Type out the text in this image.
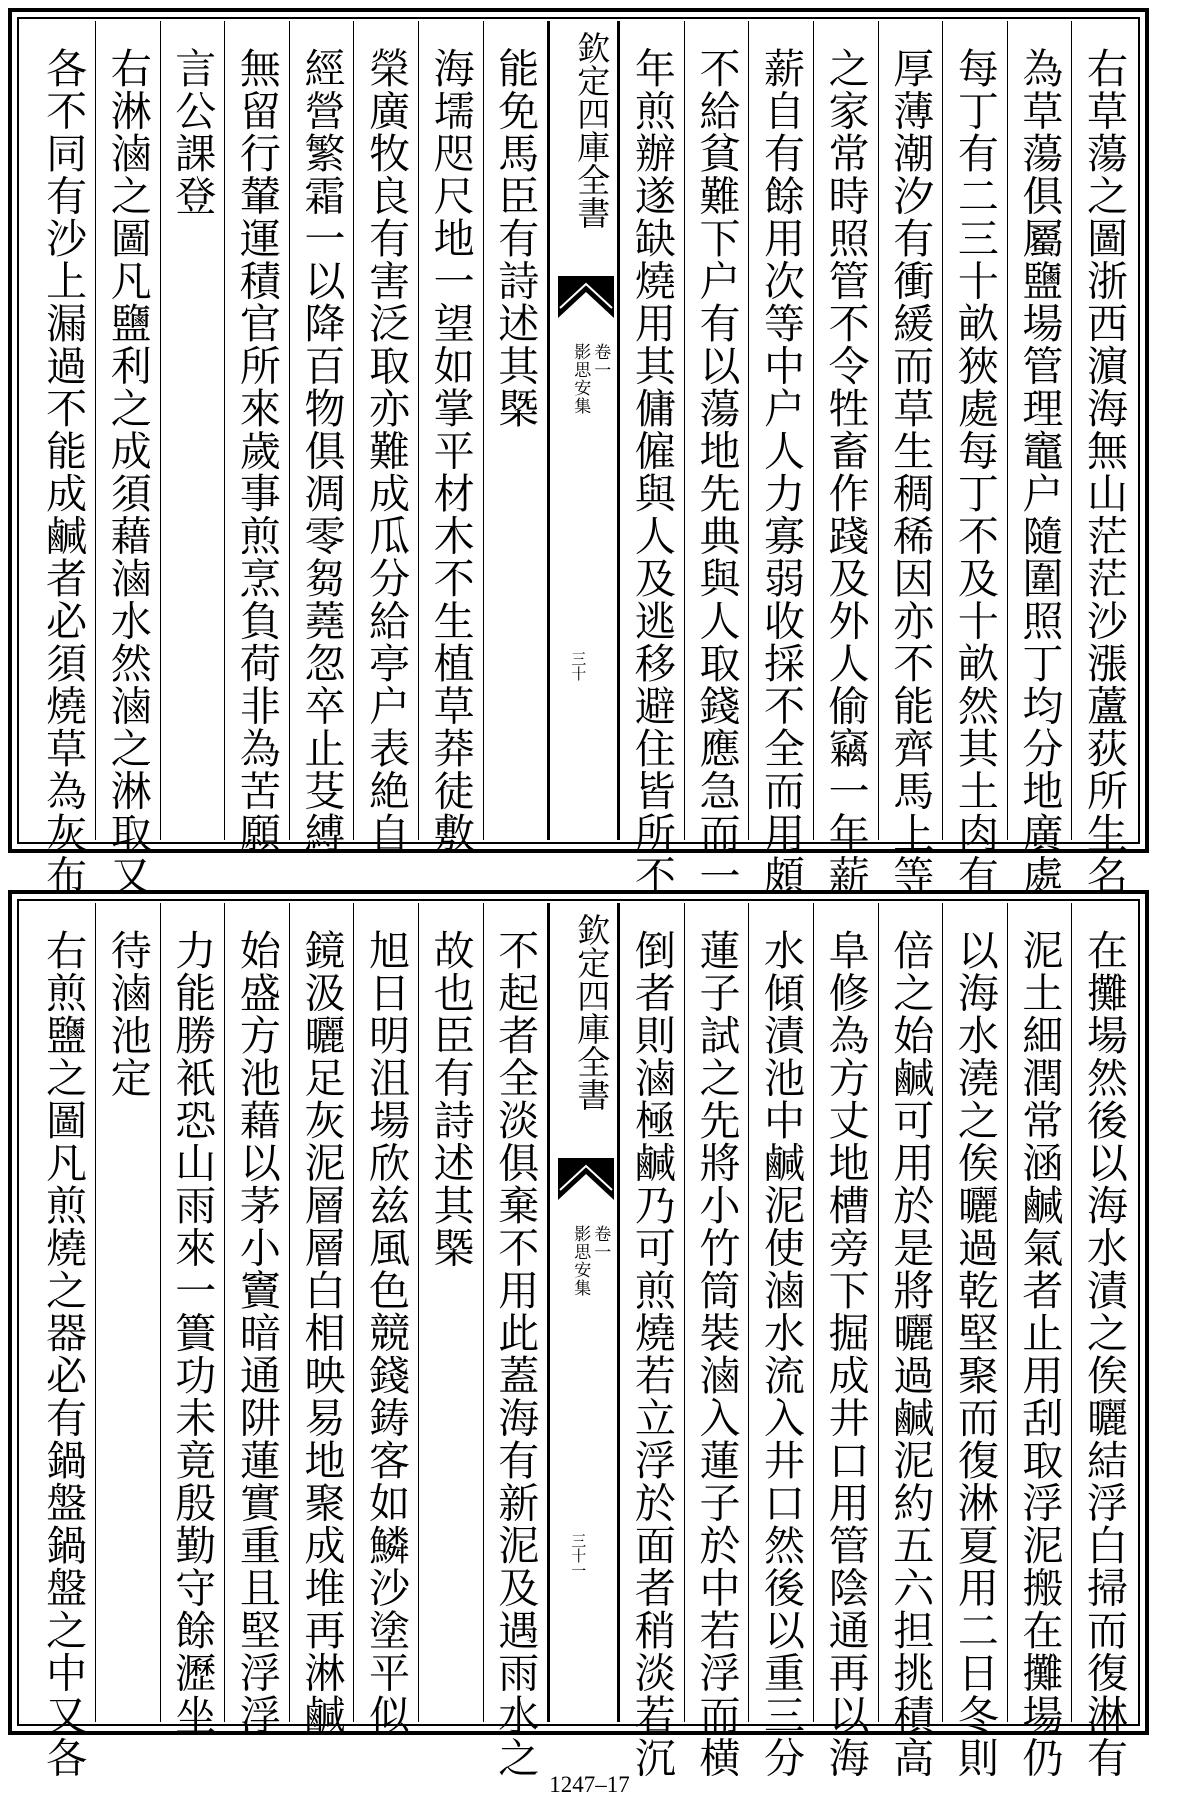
右草蕩之圖浙西濵海無山茫茫沙漲蘆荻所生名
為草蕩俱屬鹽場管理竈户隨圍照丁均分地廣處
每丁有二三十畝狹處每丁不及十畝然其土肉有
厚薄潮汐有衝緩而草生稠稀因亦不能齊馬上等
之家常時照管不令牲畜作踐及外人偷竊一年薪
薪自有餘用次等中户人力寡弱收採不全而用頗
不給貧難下户有以蕩地先典與人取錢應急而一
年煎辦遂缺燒用其傭僱與人及逃移避住皆所不
欽定四庫全書
影思安集 卷一
三十
能免馬臣有詩述其槩
海壖咫尺地一望如掌平材木不生植草莽徒敷
榮廣牧良有害泛取亦難成瓜分給亭户表絶自
經營繁霜一以降百物俱凋零芻蕘忽卒止芟縛
無留行輦運積官所來歲事煎烹負荷非為苦願
言公課登
右淋滷之圖凡鹽利之成須藉滷水然滷之淋取又
各不同有沙上漏過不能成鹹者必須燒草為灰布
在攤場然後以海水漬之俟曬結浮白掃而復淋有
泥土細潤常涵鹹氣者止用刮取浮泥搬在攤場仍
以海水澆之俟曬過乾堅聚而復淋夏用二日冬則
倍之始鹹可用於是將曬過鹹泥約五六担挑積高
阜修為方丈地槽旁下掘成井口用管陰通再以海
水傾漬池中鹹泥使滷水流入井口然後以重三分
蓮子試之先將小竹筒裝滷入蓮子於中若浮而横
倒者則滷極鹹乃可煎燒若立浮於面者稍淡若沉
欽定四庫全書
影思安集 卷一
三十一
不起者全淡俱棄不用此蓋海有新泥及遇雨水之
故也臣有詩述其槩
旭日明沮場欣兹風色競錢鋳客如鱗沙塗平似
鏡汲曬足灰泥層層白相映易地聚成堆再淋鹹
始盛方池藉以茅小竇暗通阱蓮實重且堅浮浮
力能勝衹恐山雨來一簣功未竟殷勤守餘瀝坐
待滷池定
右煎鹽之圖凡煎燒之器必有鍋盤鍋盤之中又各
1247–17
